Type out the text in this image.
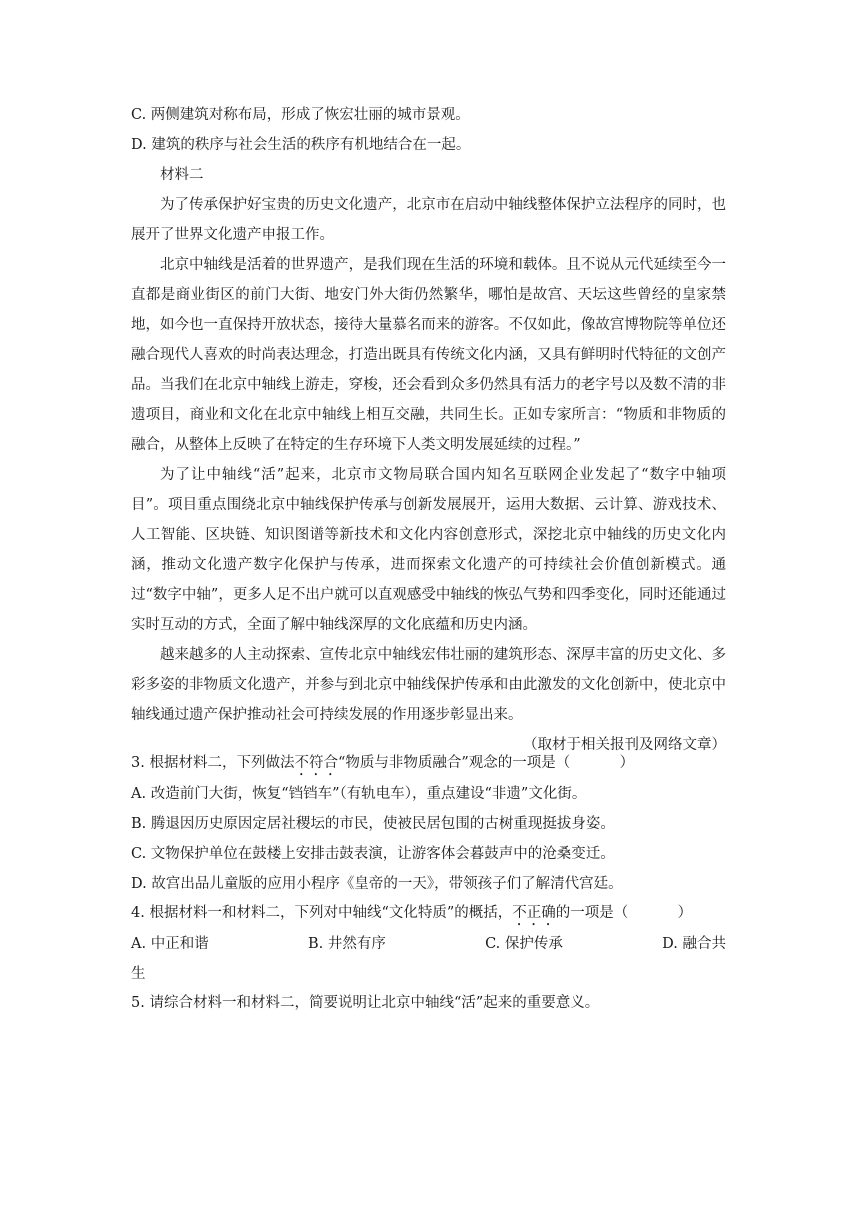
C. 两侧建筑对称布局，形成了恢宏壮丽的城市景观。

D. 建筑的秩序与社会生活的秩序有机地结合在一起。

材料二

为了传承保护好宝贵的历史文化遗产，北京市在启动中轴线整体保护立法程序的同时，也展开了世界文化遗产申报工作。

北京中轴线是活着的世界遗产，是我们现在生活的环境和载体。且不说从元代延续至今一直都是商业街区的前门大街、地安门外大街仍然繁华，哪怕是故宫、天坛这些曾经的皇家禁地，如今也一直保持开放状态，接待大量慕名而来的游客。不仅如此，像故宫博物院等单位还融合现代人喜欢的时尚表达理念，打造出既具有传统文化内涵，又具有鲜明时代特征的文创产品。当我们在北京中轴线上游走，穿梭，还会看到众多仍然具有活力的老字号以及数不清的非遗项目，商业和文化在北京中轴线上相互交融，共同生长。正如专家所言：“物质和非物质的融合，从整体上反映了在特定的生存环境下人类文明发展延续的过程。”

为了让中轴线“活”起来，北京市文物局联合国内知名互联网企业发起了“数字中轴项目”。项目重点围绕北京中轴线保护传承与创新发展展开，运用大数据、云计算、游戏技术、人工智能、区块链、知识图谱等新技术和文化内容创意形式，深挖北京中轴线的历史文化内涵，推动文化遗产数字化保护与传承，进而探索文化遗产的可持续社会价值创新模式。通过“数字中轴”，更多人足不出户就可以直观感受中轴线的恢弘气势和四季变化，同时还能通过实时互动的方式，全面了解中轴线深厚的文化底蕴和历史内涵。

越来越多的人主动探索、宣传北京中轴线宏伟壮丽的建筑形态、深厚丰富的历史文化、多彩多姿的非物质文化遗产，并参与到北京中轴线保护传承和由此激发的文化创新中，使北京中轴线通过遗产保护推动社会可持续发展的作用逐步彰显出来。

（取材于相关报刊及网络文章）

3. 根据材料二，下列做法不符合“物质与非物质融合”观念的一项是（	）

A. 改造前门大街，恢复“铛铛车”（有轨电车），重点建设“非遗”文化街。

B. 腾退因历史原因定居社稷坛的市民，使被民居包围的古树重现挺拔身姿。

C. 文物保护单位在鼓楼上安排击鼓表演，让游客体会暮鼓声中的沧桑变迁。

D. 故宫出品儿童版的应用小程序《皇帝的一天》，带领孩子们了解清代宫廷。

4. 根据材料一和材料二，下列对中轴线“文化特质”的概括，不正确的一项是（	）

A. 中正和谐	B. 井然有序	C. 保护传承	D. 融合共

生

5. 请综合材料一和材料二，简要说明让北京中轴线“活”起来的重要意义。
